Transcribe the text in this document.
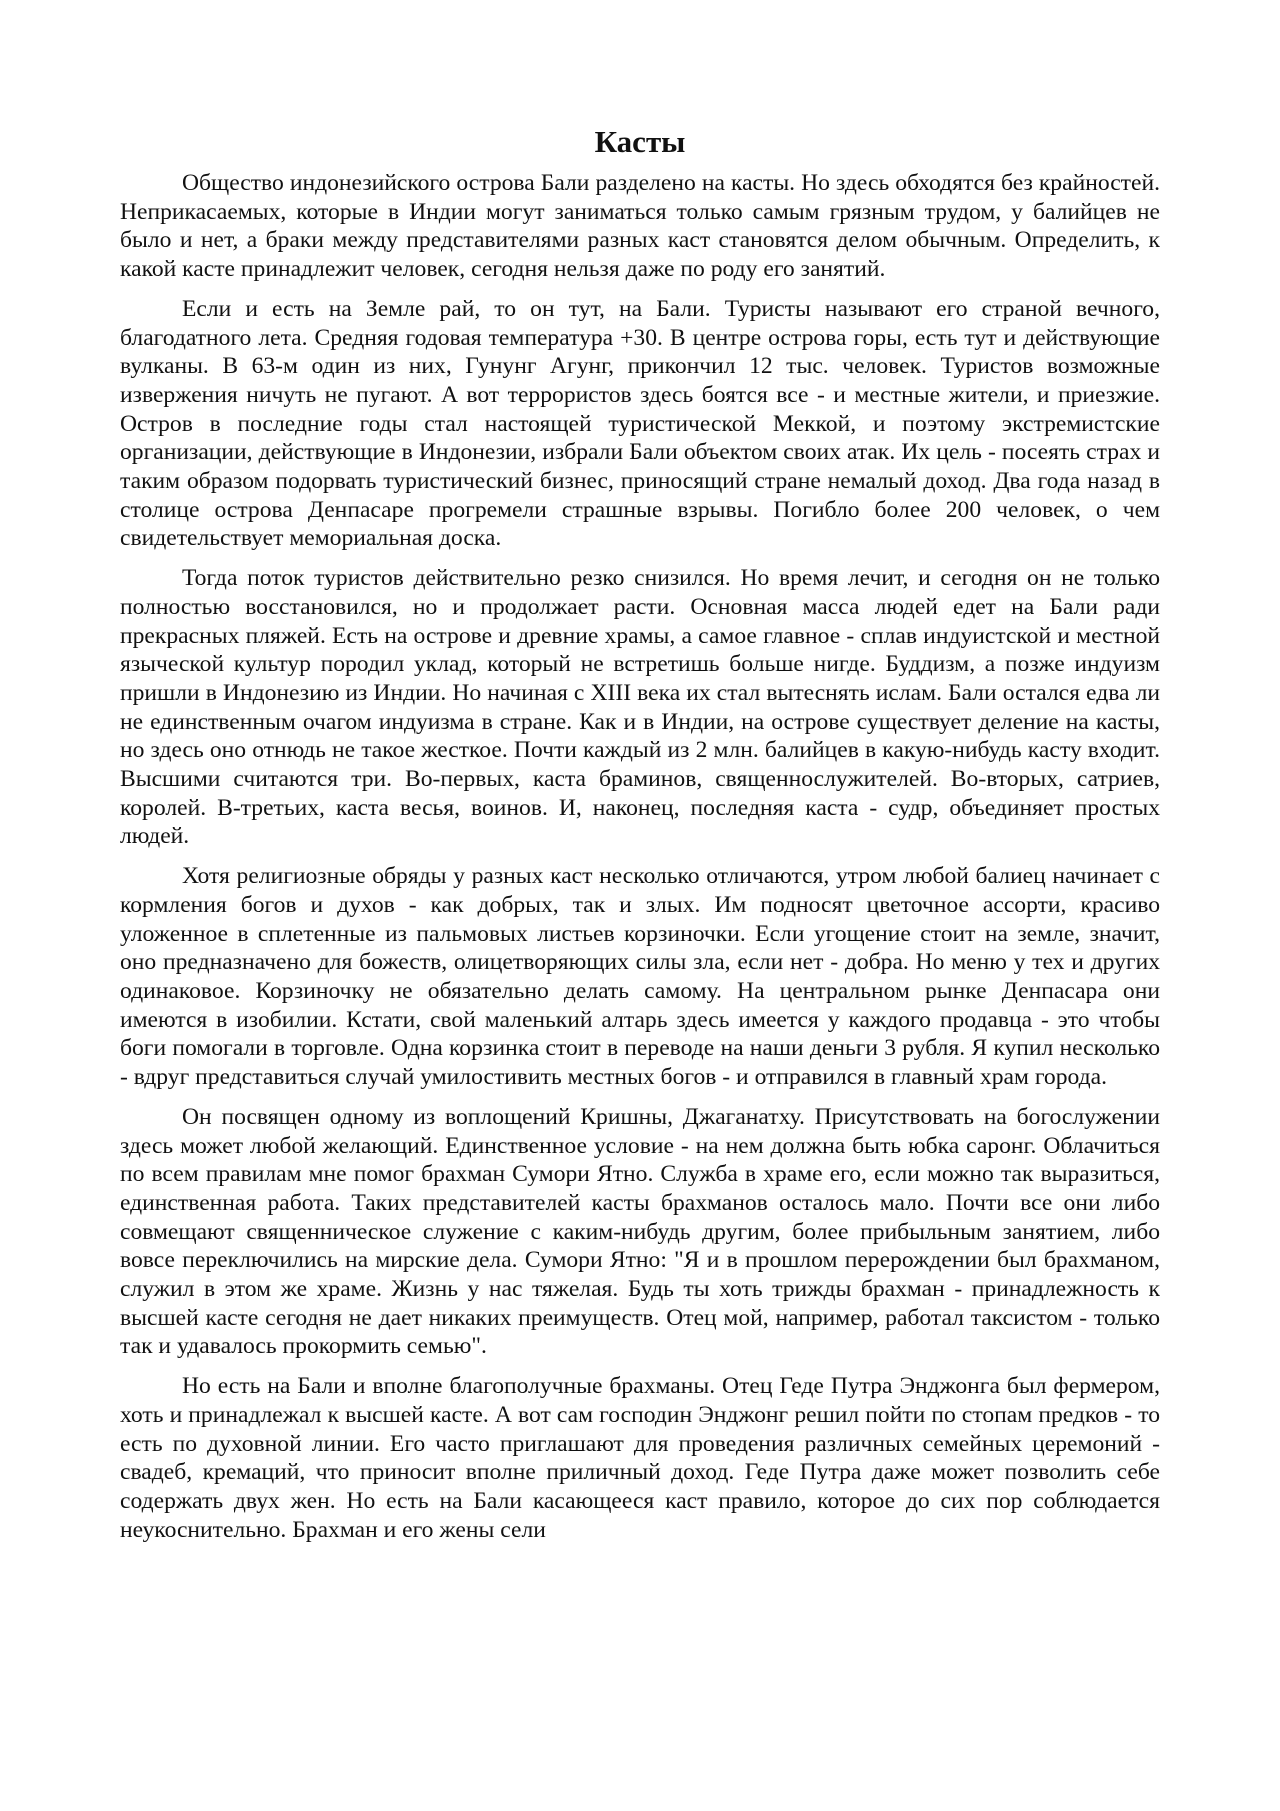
Касты

Общество индонезийского острова Бали разделено на касты. Но здесь обходятся без крайностей. Неприкасаемых, которые в Индии могут заниматься только самым грязным трудом, у балийцев не было и нет, а браки между представителями разных каст становятся делом обычным. Определить, к какой касте принадлежит человек, сегодня нельзя даже по роду его занятий.

Если и есть на Земле рай, то он тут, на Бали. Туристы называют его страной вечного, благодатного лета. Средняя годовая температура +30. В центре острова горы, есть тут и действующие вулканы. В 63-м один из них, Гунунг Агунг, прикончил 12 тыс. человек. Туристов возможные извержения ничуть не пугают. А вот террористов здесь боятся все - и местные жители, и приезжие. Остров в последние годы стал настоящей туристической Меккой, и поэтому экстремистские организации, действующие в Индонезии, избрали Бали объектом своих атак. Их цель - посеять страх и таким образом подорвать туристический бизнес, приносящий стране немалый доход. Два года назад в столице острова Денпасаре прогремели страшные взрывы. Погибло более 200 человек, о чем свидетельствует мемориальная доска.

Тогда поток туристов действительно резко снизился. Но время лечит, и сегодня он не только полностью восстановился, но и продолжает расти. Основная масса людей едет на Бали ради прекрасных пляжей. Есть на острове и древние храмы, а самое главное - сплав индуистской и местной языческой культур породил уклад, который не встретишь больше нигде. Буддизм, а позже индуизм пришли в Индонезию из Индии. Но начиная с XIII века их стал вытеснять ислам. Бали остался едва ли не единственным очагом индуизма в стране. Как и в Индии, на острове существует деление на касты, но здесь оно отнюдь не такое жесткое. Почти каждый из 2 млн. балийцев в какую-нибудь касту входит. Высшими считаются три. Во-первых, каста браминов, священнослужителей. Во-вторых, сатриев, королей. В-третьих, каста весья, воинов. И, наконец, последняя каста - судр, объединяет простых людей.

Хотя религиозные обряды у разных каст несколько отличаются, утром любой балиец начинает с кормления богов и духов - как добрых, так и злых. Им подносят цветочное ассорти, красиво уложенное в сплетенные из пальмовых листьев корзиночки. Если угощение стоит на земле, значит, оно предназначено для божеств, олицетворяющих силы зла, если нет - добра. Но меню у тех и других одинаковое. Корзиночку не обязательно делать самому. На центральном рынке Денпасара они имеются в изобилии. Кстати, свой маленький алтарь здесь имеется у каждого продавца - это чтобы боги помогали в торговле. Одна корзинка стоит в переводе на наши деньги 3 рубля. Я купил несколько - вдруг представиться случай умилостивить местных богов - и отправился в главный храм города.

Он посвящен одному из воплощений Кришны, Джаганатху. Присутствовать на богослужении здесь может любой желающий. Единственное условие - на нем должна быть юбка саронг. Облачиться по всем правилам мне помог брахман Сумори Ятно. Служба в храме его, если можно так выразиться, единственная работа. Таких представителей касты брахманов осталось мало. Почти все они либо совмещают священническое служение с каким-нибудь другим, более прибыльным занятием, либо вовсе переключились на мирские дела. Сумори Ятно: "Я и в прошлом перерождении был брахманом, служил в этом же храме. Жизнь у нас тяжелая. Будь ты хоть трижды брахман - принадлежность к высшей касте сегодня не дает никаких преимуществ. Отец мой, например, работал таксистом - только так и удавалось прокормить семью".

Но есть на Бали и вполне благополучные брахманы. Отец Геде Путра Энджонга был фермером, хоть и принадлежал к высшей касте. А вот сам господин Энджонг решил пойти по стопам предков - то есть по духовной линии. Его часто приглашают для проведения различных семейных церемоний - свадеб, кремаций, что приносит вполне приличный доход. Геде Путра даже может позволить себе содержать двух жен. Но есть на Бали касающееся каст правило, которое до сих пор соблюдается неукоснительно. Брахман и его жены сели
